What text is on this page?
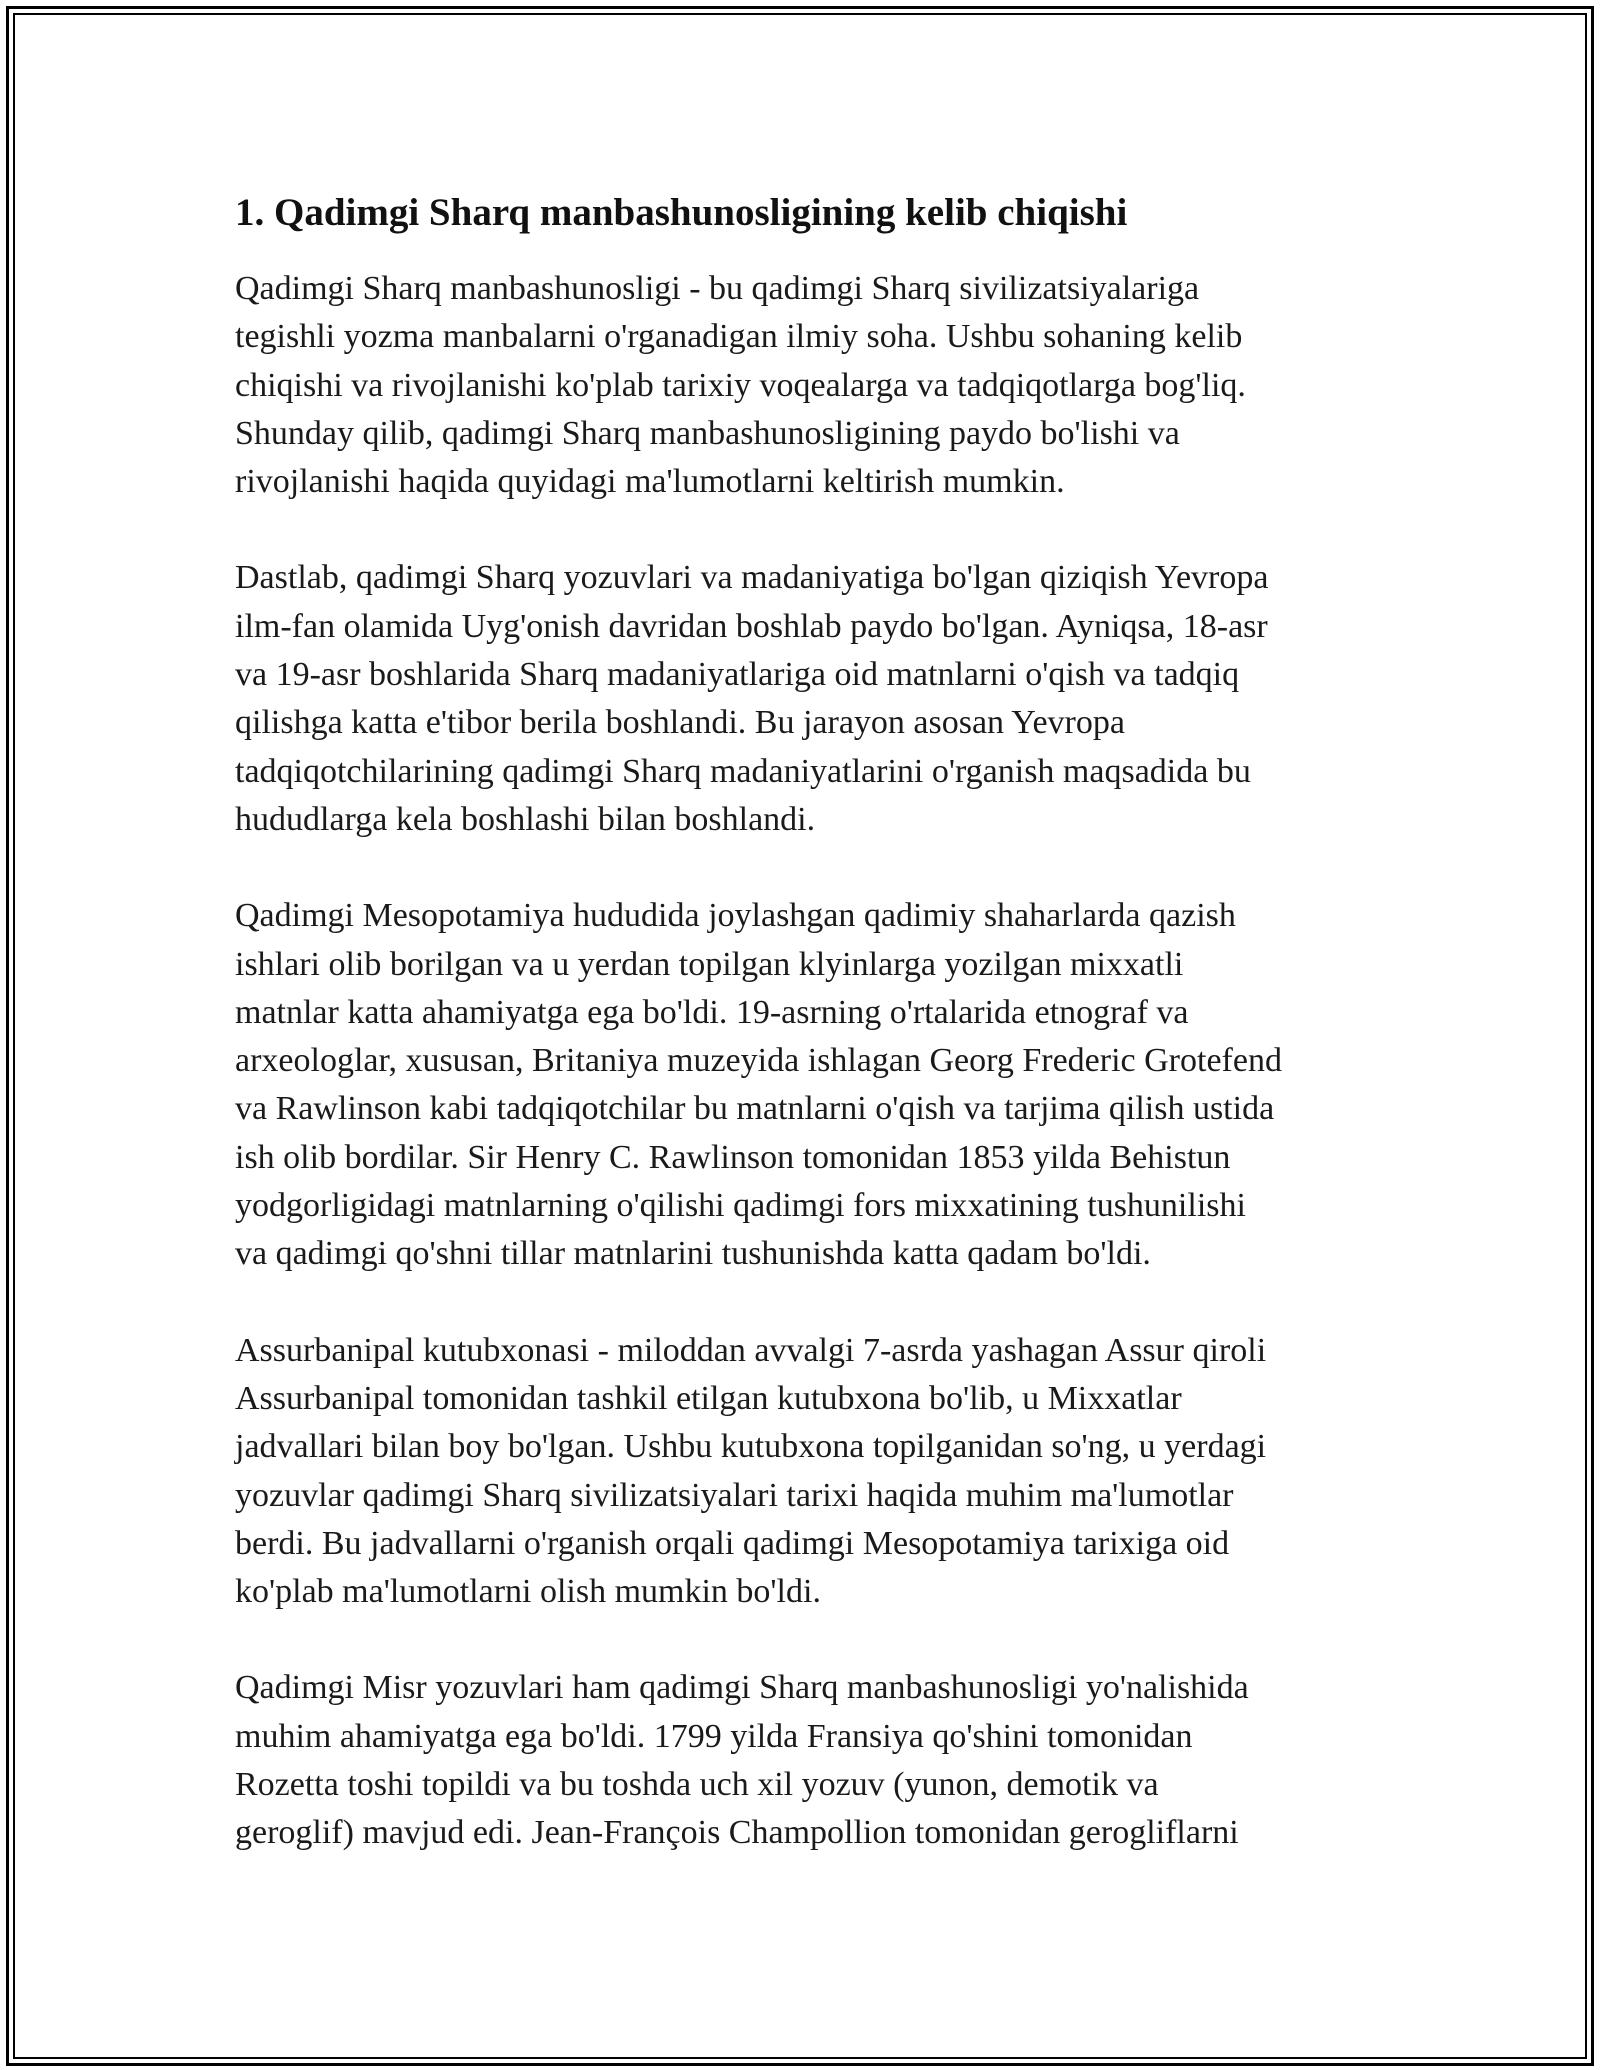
1. Qadimgi Sharq manbashunosligining kelib chiqishi

Qadimgi Sharq manbashunosligi - bu qadimgi Sharq sivilizatsiyalariga
tegishli yozma manbalarni o'rganadigan ilmiy soha. Ushbu sohaning kelib
chiqishi va rivojlanishi ko'plab tarixiy voqealarga va tadqiqotlarga bog'liq.
Shunday qilib, qadimgi Sharq manbashunosligining paydo bo'lishi va
rivojlanishi haqida quyidagi ma'lumotlarni keltirish mumkin.

Dastlab, qadimgi Sharq yozuvlari va madaniyatiga bo'lgan qiziqish Yevropa
ilm-fan olamida Uyg'onish davridan boshlab paydo bo'lgan. Ayniqsa, 18-asr
va 19-asr boshlarida Sharq madaniyatlariga oid matnlarni o'qish va tadqiq
qilishga katta e'tibor berila boshlandi. Bu jarayon asosan Yevropa
tadqiqotchilarining qadimgi Sharq madaniyatlarini o'rganish maqsadida bu
hududlarga kela boshlashi bilan boshlandi.

Qadimgi Mesopotamiya hududida joylashgan qadimiy shaharlarda qazish
ishlari olib borilgan va u yerdan topilgan klyinlarga yozilgan mixxatli
matnlar katta ahamiyatga ega bo'ldi. 19-asrning o'rtalarida etnograf va
arxeologlar, xususan, Britaniya muzeyida ishlagan Georg Frederic Grotefend
va Rawlinson kabi tadqiqotchilar bu matnlarni o'qish va tarjima qilish ustida
ish olib bordilar. Sir Henry C. Rawlinson tomonidan 1853 yilda Behistun
yodgorligidagi matnlarning o'qilishi qadimgi fors mixxatining tushunilishi
va qadimgi qo'shni tillar matnlarini tushunishda katta qadam bo'ldi.

Assurbanipal kutubxonasi - miloddan avvalgi 7-asrda yashagan Assur qiroli
Assurbanipal tomonidan tashkil etilgan kutubxona bo'lib, u Mixxatlar
jadvallari bilan boy bo'lgan. Ushbu kutubxona topilganidan so'ng, u yerdagi
yozuvlar qadimgi Sharq sivilizatsiyalari tarixi haqida muhim ma'lumotlar
berdi. Bu jadvallarni o'rganish orqali qadimgi Mesopotamiya tarixiga oid
ko'plab ma'lumotlarni olish mumkin bo'ldi.

Qadimgi Misr yozuvlari ham qadimgi Sharq manbashunosligi yo'nalishida
muhim ahamiyatga ega bo'ldi. 1799 yilda Fransiya qo'shini tomonidan
Rozetta toshi topildi va bu toshda uch xil yozuv (yunon, demotik va
geroglif) mavjud edi. Jean-François Champollion tomonidan gerogliflarni
